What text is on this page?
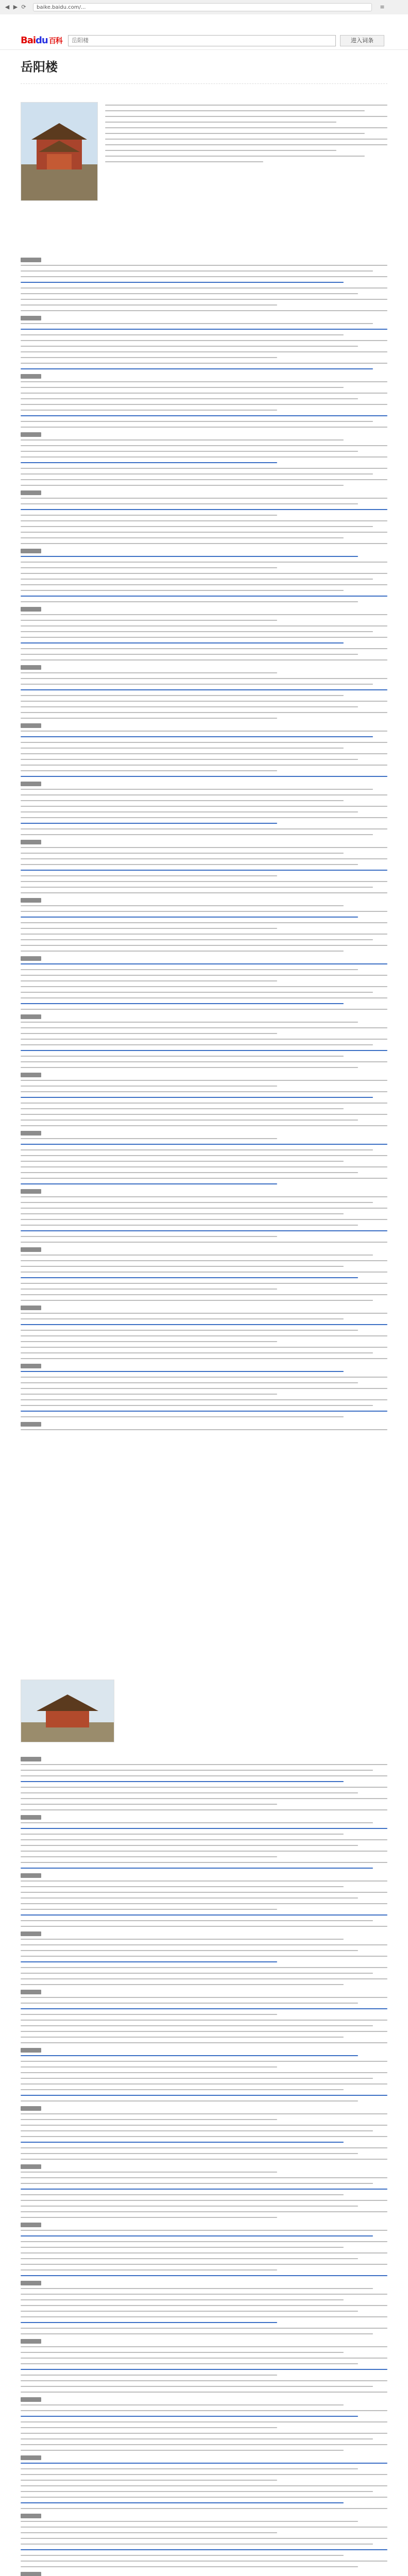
◀ ▶ ⟳	baike.baidu.com/...	≡
Baidu 百科	岳阳楼	进入词条
岳阳楼
